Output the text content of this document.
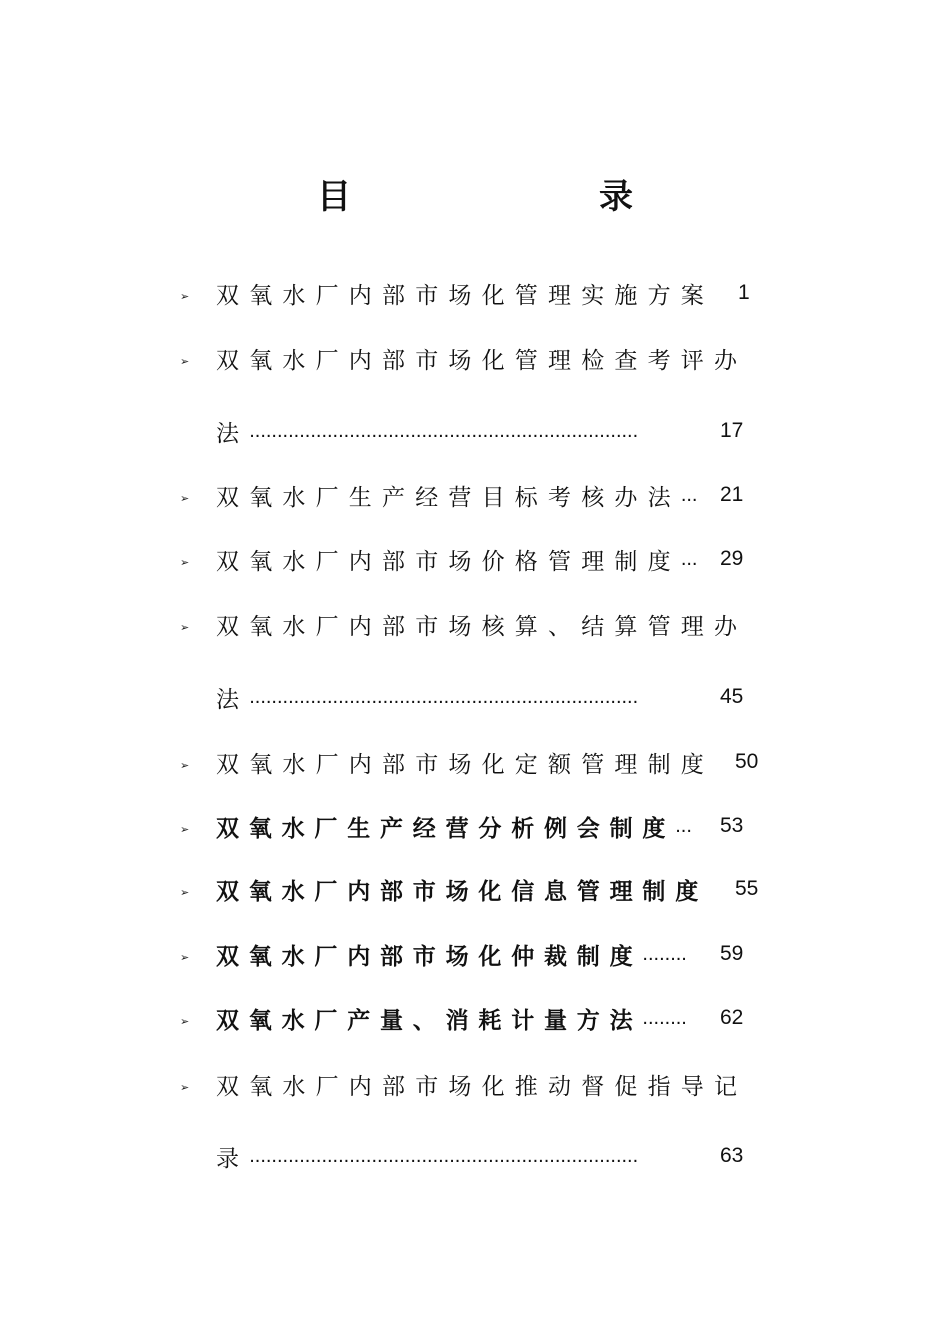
目　　录
➢ 双氧水厂内部市场化管理实施方案 1
➢ 双氧水厂内部市场化管理检查考评办
法 ......................................................................	17
➢ 双氧水厂生产经营目标考核办法 ... 21
➢ 双氧水厂内部市场价格管理制度 ... 29
➢ 双氧水厂内部市场核算、结算管理办
法 ......................................................................	45
➢ 双氧水厂内部市场化定额管理制度 50
➢ 双氧水厂生产经营分析例会制度 ... 53
➢ 双氧水厂内部市场化信息管理制度 55
➢ 双氧水厂内部市场化仲裁制度 ........	59
➢ 双氧水厂产量、消耗计量方法 ........	62
➢ 双氧水厂内部市场化推动督促指导记
录 ......................................................................	63
